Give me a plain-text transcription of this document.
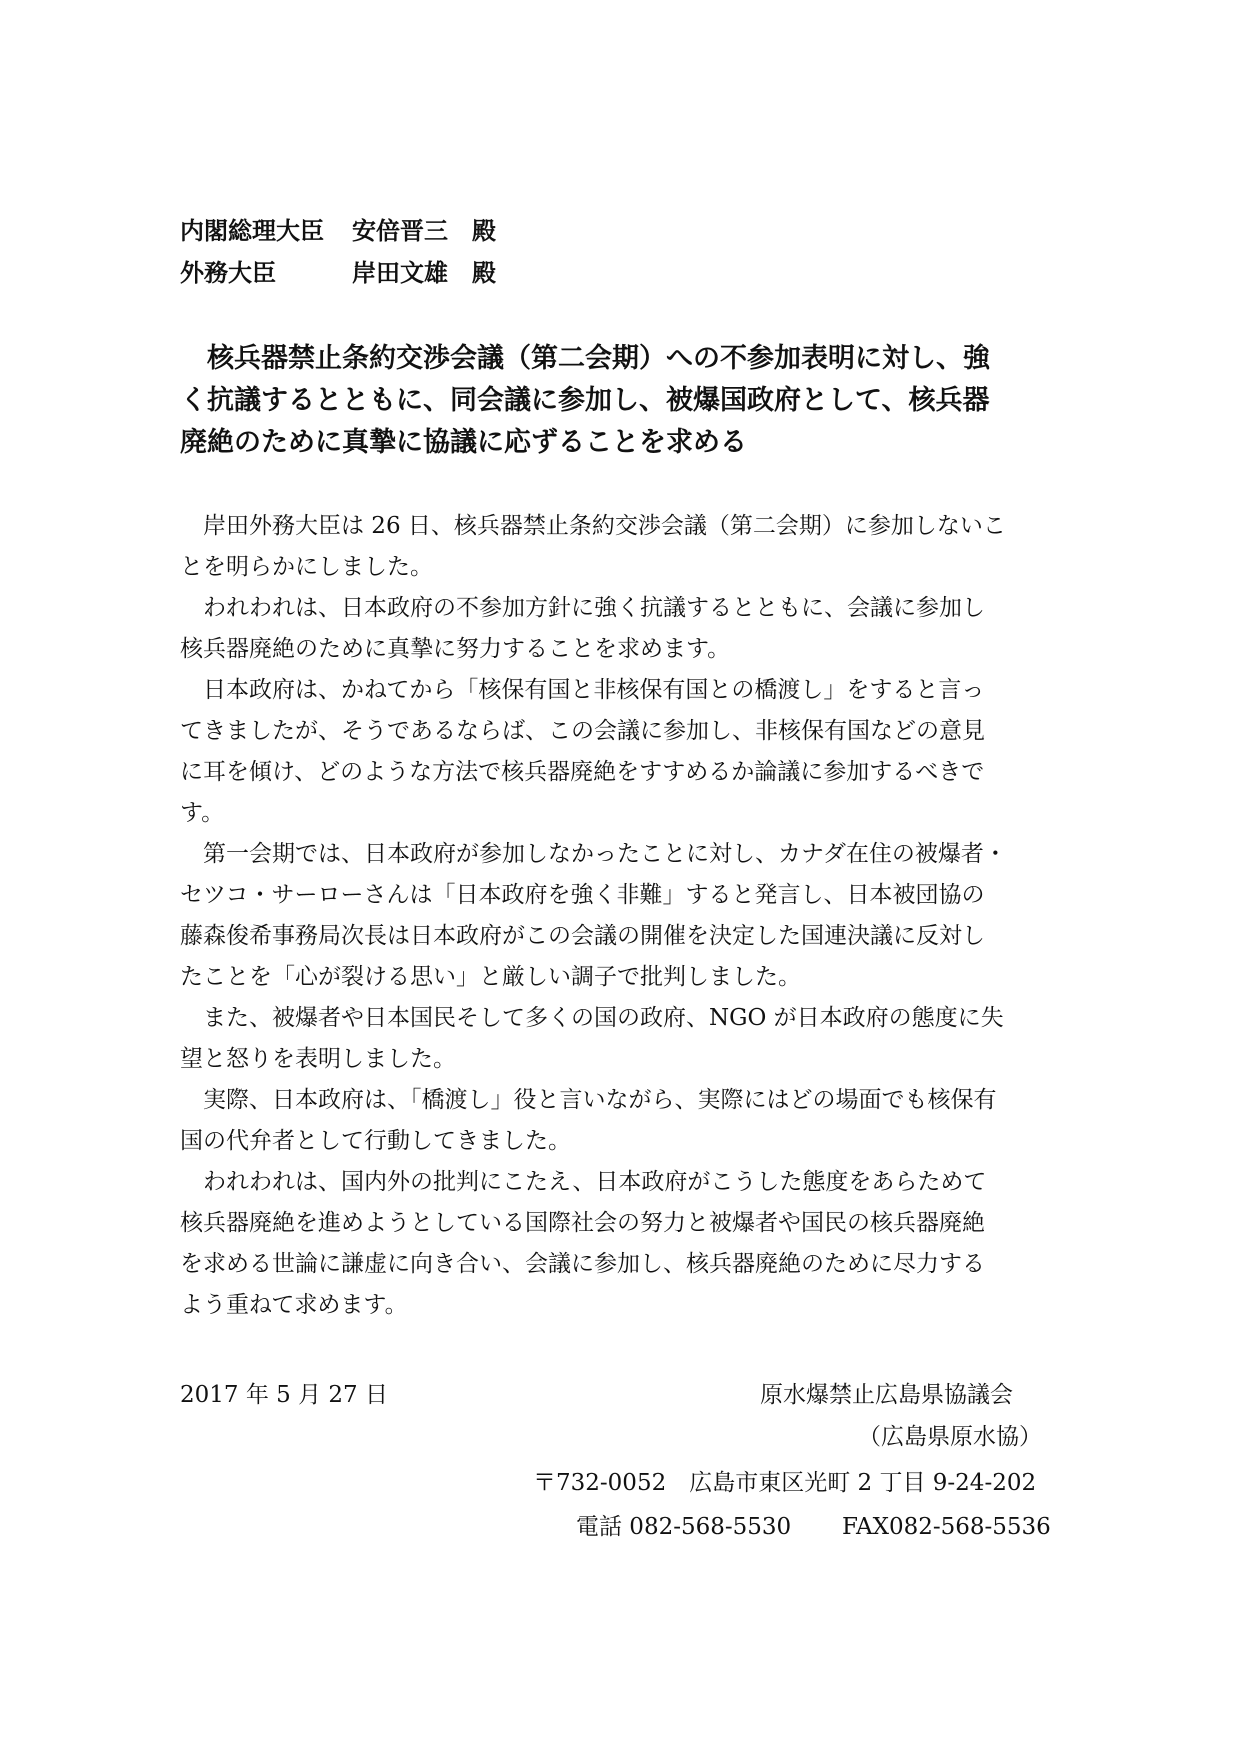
内閣総理大臣 安倍晋三　殿
外務大臣	岸田文雄　殿
　核兵器禁止条約交渉会議（第二会期）への不参加表明に対し、強
く抗議するとともに、同会議に参加し、被爆国政府として、核兵器
廃絶のために真摯に協議に応ずることを求める
　岸田外務大臣は 26 日、核兵器禁止条約交渉会議（第二会期）に参加しないこ
とを明らかにしました。
　われわれは、日本政府の不参加方針に強く抗議するとともに、会議に参加し
核兵器廃絶のために真摯に努力することを求めます。
　日本政府は、かねてから「核保有国と非核保有国との橋渡し」をすると言っ
てきましたが、そうであるならば、この会議に参加し、非核保有国などの意見
に耳を傾け、どのような方法で核兵器廃絶をすすめるか論議に参加するべきで
す。
　第一会期では、日本政府が参加しなかったことに対し、カナダ在住の被爆者・
セツコ・サーローさんは「日本政府を強く非難」すると発言し、日本被団協の
藤森俊希事務局次長は日本政府がこの会議の開催を決定した国連決議に反対し
たことを「心が裂ける思い」と厳しい調子で批判しました。
　また、被爆者や日本国民そして多くの国の政府、NGO が日本政府の態度に失
望と怒りを表明しました。
　実際、日本政府は、「橋渡し」役と言いながら、実際にはどの場面でも核保有
国の代弁者として行動してきました。
　われわれは、国内外の批判にこたえ、日本政府がこうした態度をあらためて
核兵器廃絶を進めようとしている国際社会の努力と被爆者や国民の核兵器廃絶
を求める世論に謙虚に向き合い、会議に参加し、核兵器廃絶のために尽力する
よう重ねて求めます。
2017 年 5 月 27 日	原水爆禁止広島県協議会
（広島県原水協）
〒732-0052　広島市東区光町 2 丁目 9-24-202
電話 082-568-5530 FAX082-568-5536
